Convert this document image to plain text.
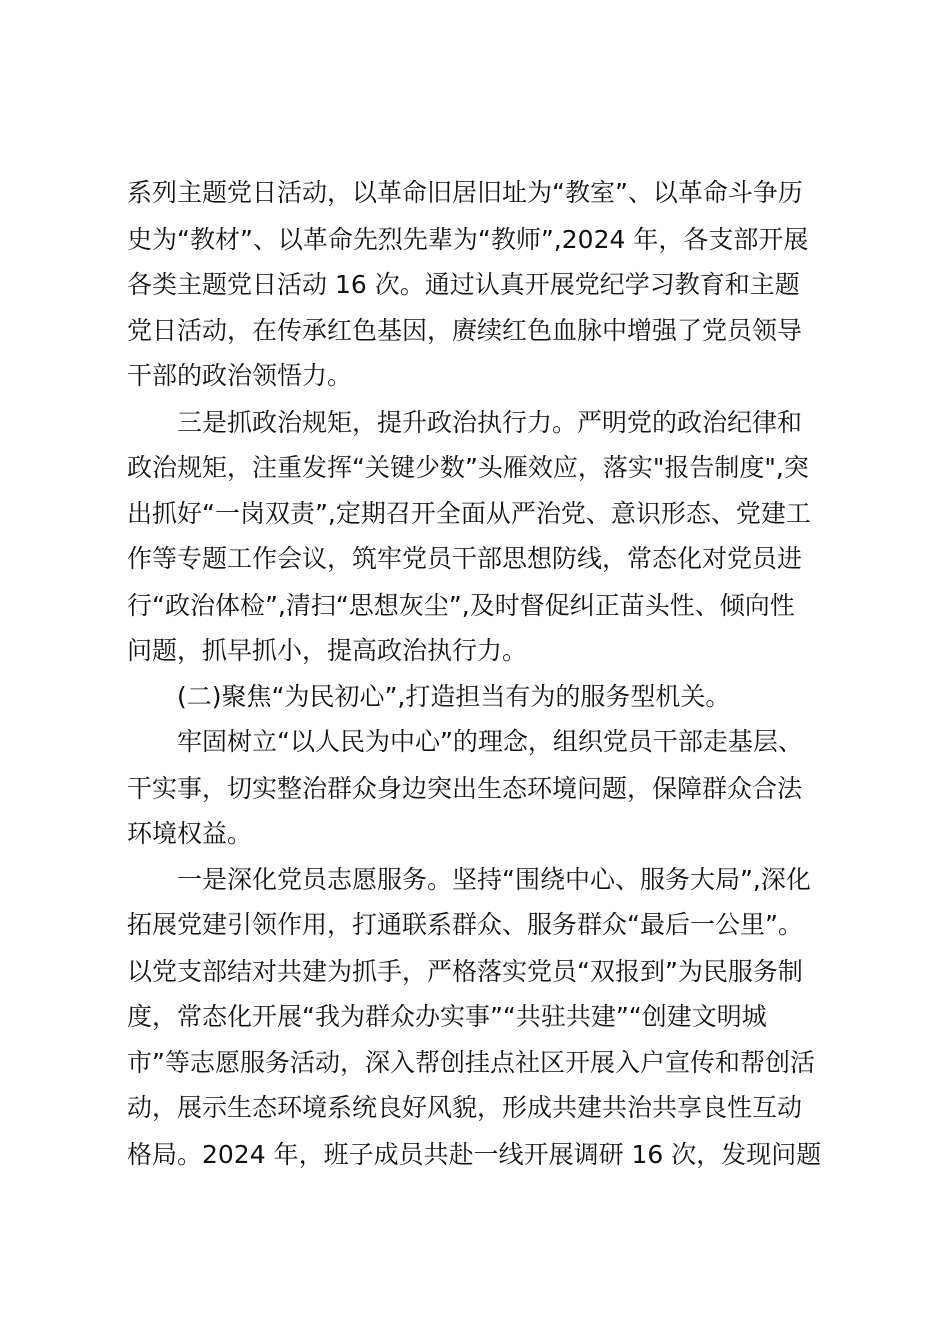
系列主题党日活动，以革命旧居旧址为“教室”、以革命斗争历
史为“教材”、以革命先烈先辈为“教师”,2024 年，各支部开展
各类主题党日活动 16 次。通过认真开展党纪学习教育和主题
党日活动，在传承红色基因，赓续红色血脉中增强了党员领导
干部的政治领悟力。
三是抓政治规矩，提升政治执行力。严明党的政治纪律和
政治规矩，注重发挥“关键少数”头雁效应，落实"报告制度",突
出抓好“一岗双责”,定期召开全面从严治党、意识形态、党建工
作等专题工作会议，筑牢党员干部思想防线，常态化对党员进
行“政治体检”,清扫“思想灰尘”,及时督促纠正苗头性、倾向性
问题，抓早抓小，提高政治执行力。
(二)聚焦“为民初心”,打造担当有为的服务型机关。
牢固树立“以人民为中心”的理念，组织党员干部走基层、
干实事，切实整治群众身边突出生态环境问题，保障群众合法
环境权益。
一是深化党员志愿服务。坚持“围绕中心、服务大局”,深化
拓展党建引领作用，打通联系群众、服务群众“最后一公里”。
以党支部结对共建为抓手，严格落实党员“双报到”为民服务制
度，常态化开展“我为群众办实事”“共驻共建”“创建文明城
市”等志愿服务活动，深入帮创挂点社区开展入户宣传和帮创活
动，展示生态环境系统良好风貌，形成共建共治共享良性互动
格局。2024 年，班子成员共赴一线开展调研 16 次，发现问题
